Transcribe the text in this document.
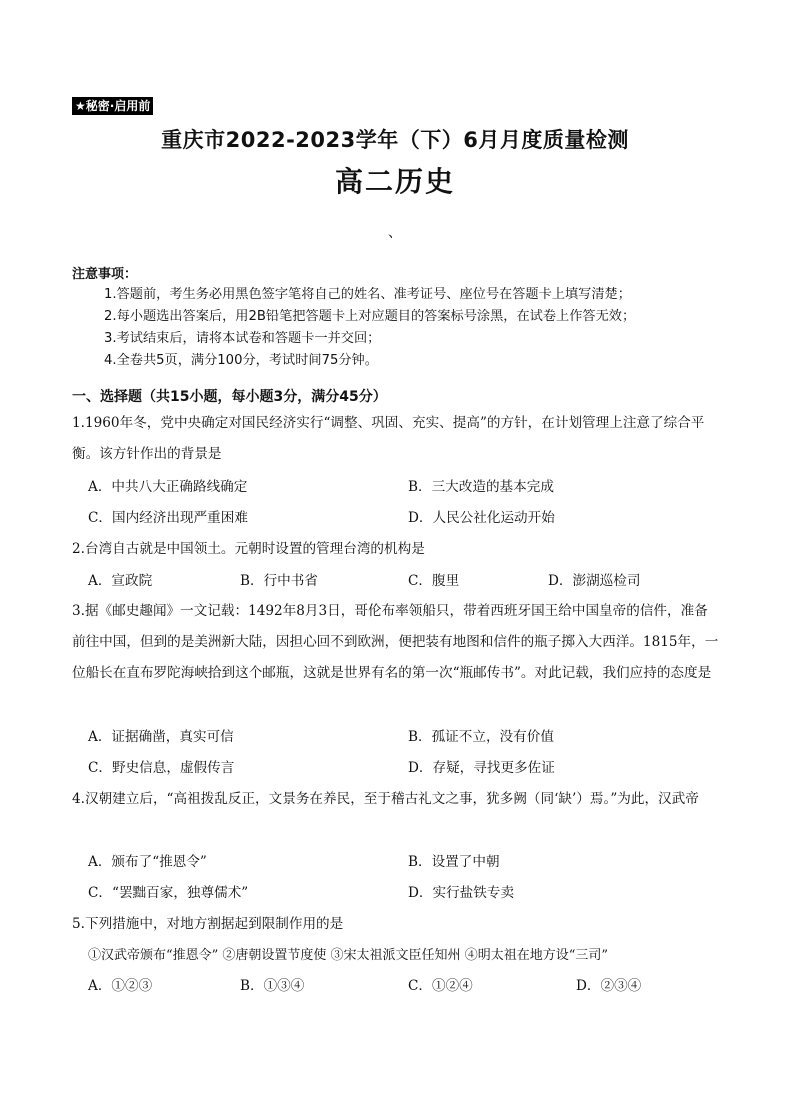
★秘密·启用前
重庆市2022-2023学年（下）6月月度质量检测
高二历史
、
注意事项：
1.答题前，考生务必用黑色签字笔将自己的姓名、准考证号、座位号在答题卡上填写清楚；
2.每小题选出答案后，用2B铅笔把答题卡上对应题目的答案标号涂黑，在试卷上作答无效；
3.考试结束后，请将本试卷和答题卡一并交回；
4.全卷共5页，满分100分，考试时间75分钟。
一、选择题（共15小题，每小题3分，满分45分）

1.1960年冬，党中央确定对国民经济实行“调整、巩固、充实、提高”的方针，在计划管理上注意了综合平衡。该方针作出的背景是

A．中共八大正确路线确定	B．三大改造的基本完成
C．国内经济出现严重困难	D．人民公社化运动开始

2.台湾自古就是中国领土。元朝时设置的管理台湾的机构是

A．宣政院	B．行中书省	C．腹里	D．澎湖巡检司

3.据《邮史趣闻》一文记载：1492年8月3日，哥伦布率领船只，带着西班牙国王给中国皇帝的信件，准备前往中国，但到的是美洲新大陆，因担心回不到欧洲，便把装有地图和信件的瓶子掷入大西洋。1815年，一位船长在直布罗陀海峡拾到这个邮瓶，这就是世界有名的第一次“瓶邮传书”。对此记载，我们应持的态度是

A．证据确凿，真实可信	B．孤证不立，没有价值
C．野史信息，虚假传言	D．存疑，寻找更多佐证

4.汉朝建立后，“高祖拨乱反正，文景务在养民，至于稽古礼文之事，犹多阙（同‘缺’）焉。”为此，汉武帝

A．颁布了“推恩令”	B．设置了中朝
C．“罢黜百家，独尊儒术”	D．实行盐铁专卖

5.下列措施中，对地方割据起到限制作用的是

①汉武帝颁布“推恩令” ②唐朝设置节度使 ③宋太祖派文臣任知州 ④明太祖在地方设“三司”
A．①②③	B．①③④	C．①②④	D．②③④
